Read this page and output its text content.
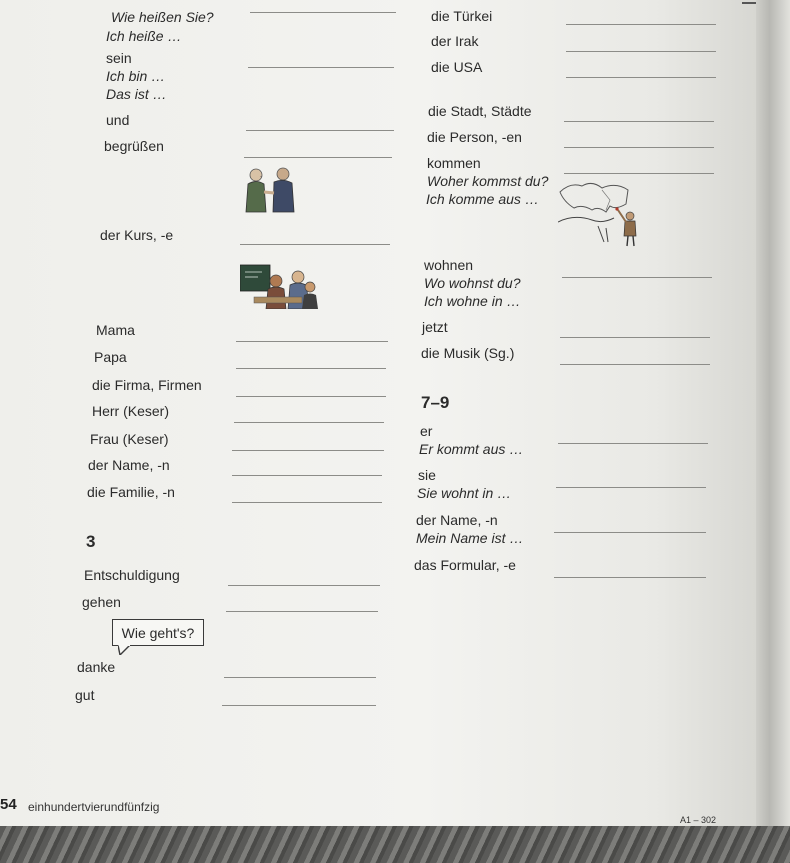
Wie heißen Sie?
Ich heiße …
sein
Ich bin …
Das ist …
und
begrüßen
der Kurs, -e
Mama
Papa
die Firma, Firmen
Herr (Keser)
Frau (Keser)
der Name, -n
die Familie, -n
3
Entschuldigung
gehen
danke
gut
Wie geht's?
die Türkei
der Irak
die USA
die Stadt, Städte
die Person, -en
kommen
Woher kommst du?
Ich komme aus …
wohnen
Wo wohnst du?
Ich wohne in …
jetzt
die Musik (Sg.)
7–9
er
Er kommt aus …
sie
Sie wohnt in …
der Name, -n
Mein Name ist …
das Formular, -e
″
54 einhundertvierundfünfzig
A1 – 302
